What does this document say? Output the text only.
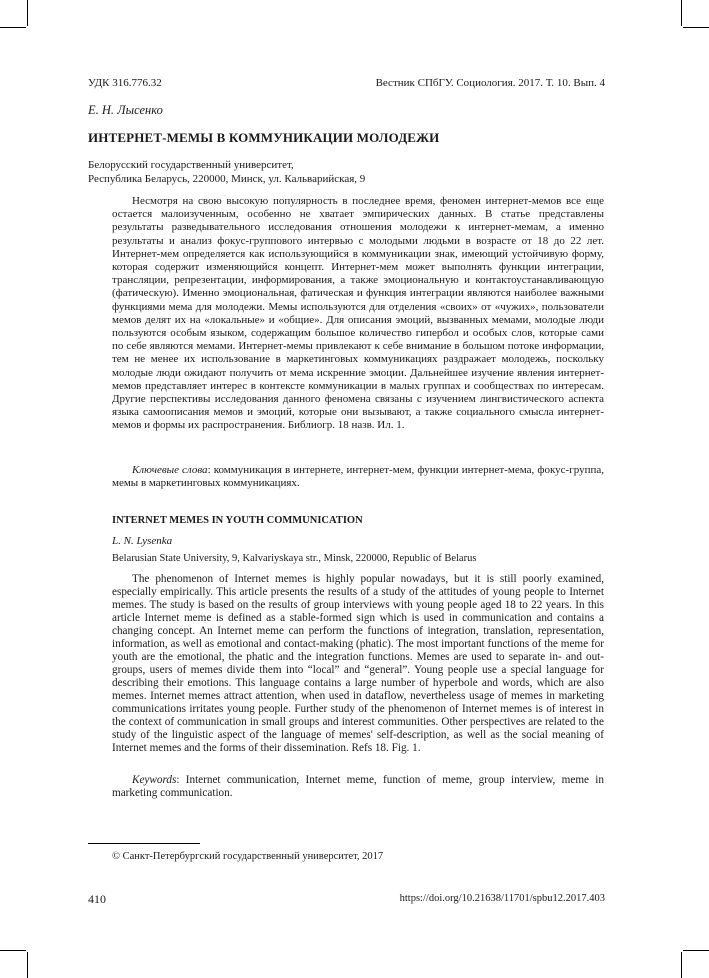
УДК 316.776.32	Вестник СПбГУ. Социология. 2017. Т. 10. Вып. 4
Е. Н. Лысенко
ИНТЕРНЕТ-МЕМЫ В КОММУНИКАЦИИ МОЛОДЕЖИ
Белорусский государственный университет,
Республика Беларусь, 220000, Минск, ул. Кальварийская, 9
Несмотря на свою высокую популярность в последнее время, феномен интернет-мемов все еще остается малоизученным, особенно не хватает эмпирических данных. В статье представлены результаты разведывательного исследования отношения молодежи к интернет-мемам, а именно результаты и анализ фокус-группового интервью с молодыми людьми в возрасте от 18 до 22 лет. Интернет-мем определяется как использующийся в коммуникации знак, имеющий устойчивую форму, которая содержит изменяющийся концепт. Интернет-мем может выполнять функции интеграции, трансляции, репрезентации, информирования, а также эмоциональную и контактоустанавливающую (фатическую). Именно эмоциональная, фатическая и функция интеграции являются наиболее важными функциями мема для молодежи. Мемы используются для отделения «своих» от «чужих», пользователи мемов делят их на «локальные» и «общие». Для описания эмоций, вызванных мемами, молодые люди пользуются особым языком, содержащим большое количество гипербол и особых слов, которые сами по себе являются мемами. Интернет-мемы привлекают к себе внимание в большом потоке информации, тем не менее их использование в маркетинговых коммуникациях раздражает молодежь, поскольку молодые люди ожидают получить от мема искренние эмоции. Дальнейшее изучение явления интернет-мемов представляет интерес в контексте коммуникации в малых группах и сообществах по интересам. Другие перспективы исследования данного феномена связаны с изучением лингвистического аспекта языка самоописания мемов и эмоций, которые они вызывают, а также социального смысла интернет-мемов и формы их распространения. Библиогр. 18 назв. Ил. 1.
Ключевые слова: коммуникация в интернете, интернет-мем, функции интернет-мема, фокус-группа, мемы в маркетинговых коммуникациях.
INTERNET MEMES IN YOUTH COMMUNICATION
L. N. Lysenka
Belarusian State University, 9, Kalvariyskaya str., Minsk, 220000, Republic of Belarus
The phenomenon of Internet memes is highly popular nowadays, but it is still poorly examined, especially empirically. This article presents the results of a study of the attitudes of young people to Internet memes. The study is based on the results of group interviews with young people aged 18 to 22 years. In this article Internet meme is defined as a stable-formed sign which is used in communication and contains a changing concept. An Internet meme can perform the functions of integration, translation, representation, information, as well as emotional and contact-making (phatic). The most important functions of the meme for youth are the emotional, the phatic and the integration functions. Memes are used to separate in- and out-groups, users of memes divide them into “local” and “general”. Young people use a special language for describing their emotions. This language contains a large number of hyperbole and words, which are also memes. Internet memes attract attention, when used in dataflow, nevertheless usage of memes in marketing communications irritates young people. Further study of the phenomenon of Internet memes is of interest in the context of communication in small groups and interest communities. Other perspectives are related to the study of the linguistic aspect of the language of memes' self-description, as well as the social meaning of Internet memes and the forms of their dissemination. Refs 18. Fig. 1.
Keywords: Internet communication, Internet meme, function of meme, group interview, meme in marketing communication.
© Санкт-Петербургский государственный университет, 2017
410	https://doi.org/10.21638/11701/spbu12.2017.403
